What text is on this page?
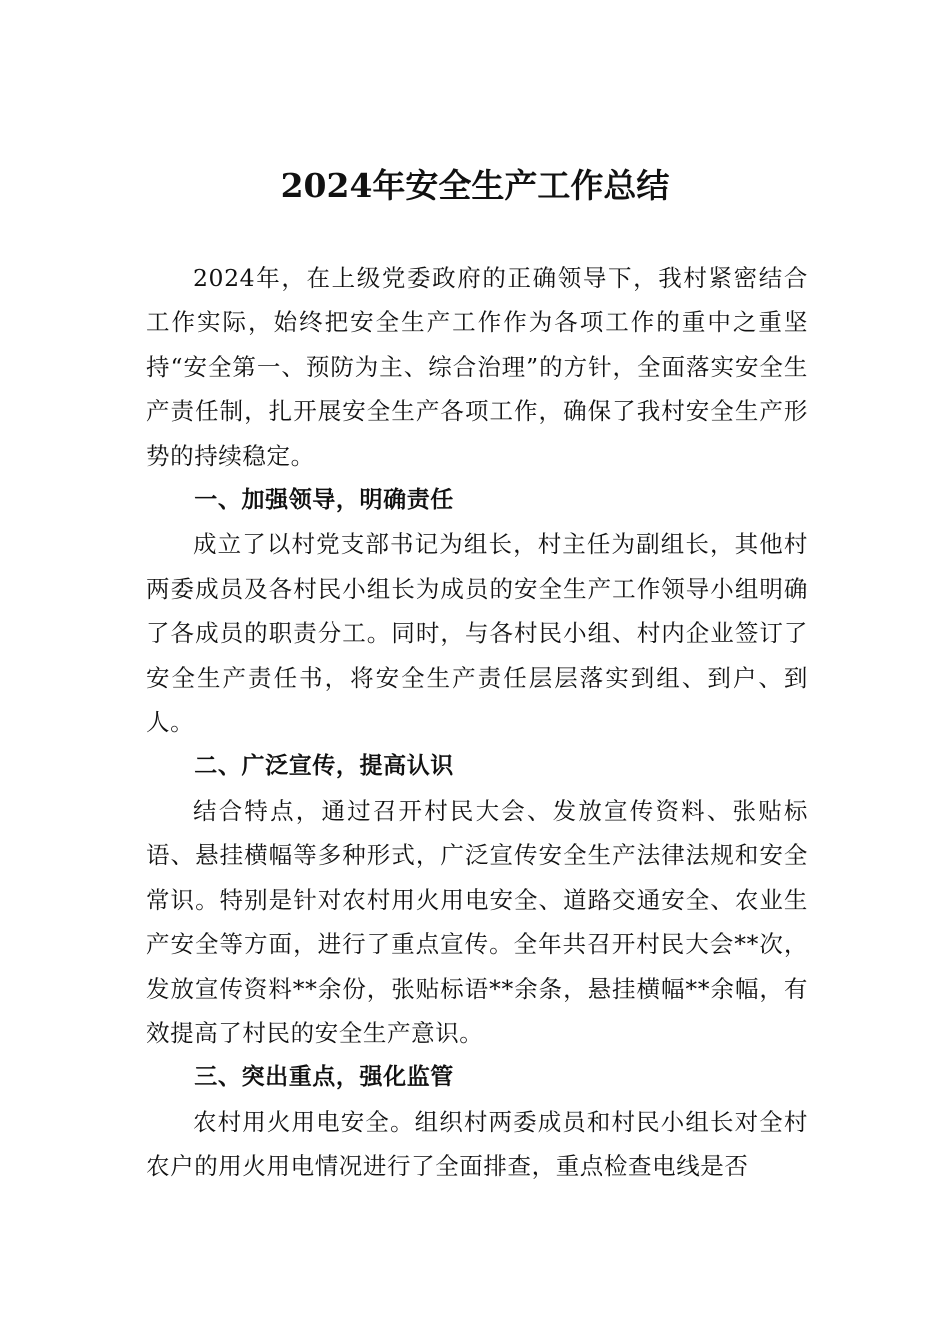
2024年安全生产工作总结

2024年，在上级党委政府的正确领导下，我村紧密结合工作实际，始终把安全生产工作作为各项工作的重中之重坚持“安全第一、预防为主、综合治理”的方针，全面落实安全生产责任制，扎开展安全生产各项工作，确保了我村安全生产形势的持续稳定。

一、加强领导，明确责任

成立了以村党支部书记为组长，村主任为副组长，其他村两委成员及各村民小组长为成员的安全生产工作领导小组明确了各成员的职责分工。同时，与各村民小组、村内企业签订了安全生产责任书，将安全生产责任层层落实到组、到户、到人。

二、广泛宣传，提高认识

结合特点，通过召开村民大会、发放宣传资料、张贴标语、悬挂横幅等多种形式，广泛宣传安全生产法律法规和安全常识。特别是针对农村用火用电安全、道路交通安全、农业生产安全等方面，进行了重点宣传。全年共召开村民大会**次，发放宣传资料**余份，张贴标语**余条，悬挂横幅**余幅，有效提高了村民的安全生产意识。

三、突出重点，强化监管

农村用火用电安全。组织村两委成员和村民小组长对全村农户的用火用电情况进行了全面排查，重点检查电线是否
